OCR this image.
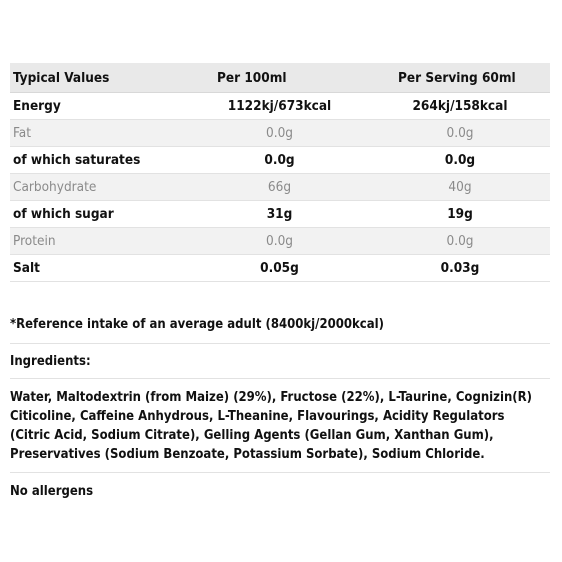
Typical Values	Per 100ml	Per Serving 60ml
Energy	1122kj/673kcal	264kj/158kcal
Fat	0.0g	0.0g
of which saturates	0.0g	0.0g
Carbohydrate	66g	40g
of which sugar	31g	19g
Protein	0.0g	0.0g
Salt	0.05g	0.03g
*Reference intake of an average adult (8400kj/2000kcal)
Ingredients:
Water, Maltodextrin (from Maize) (29%), Fructose (22%), L-Taurine, Cognizin(R)
Citicoline, Caffeine Anhydrous, L-Theanine, Flavourings, Acidity Regulators
(Citric Acid, Sodium Citrate), Gelling Agents (Gellan Gum, Xanthan Gum),
Preservatives (Sodium Benzoate, Potassium Sorbate), Sodium Chloride.
No allergens
